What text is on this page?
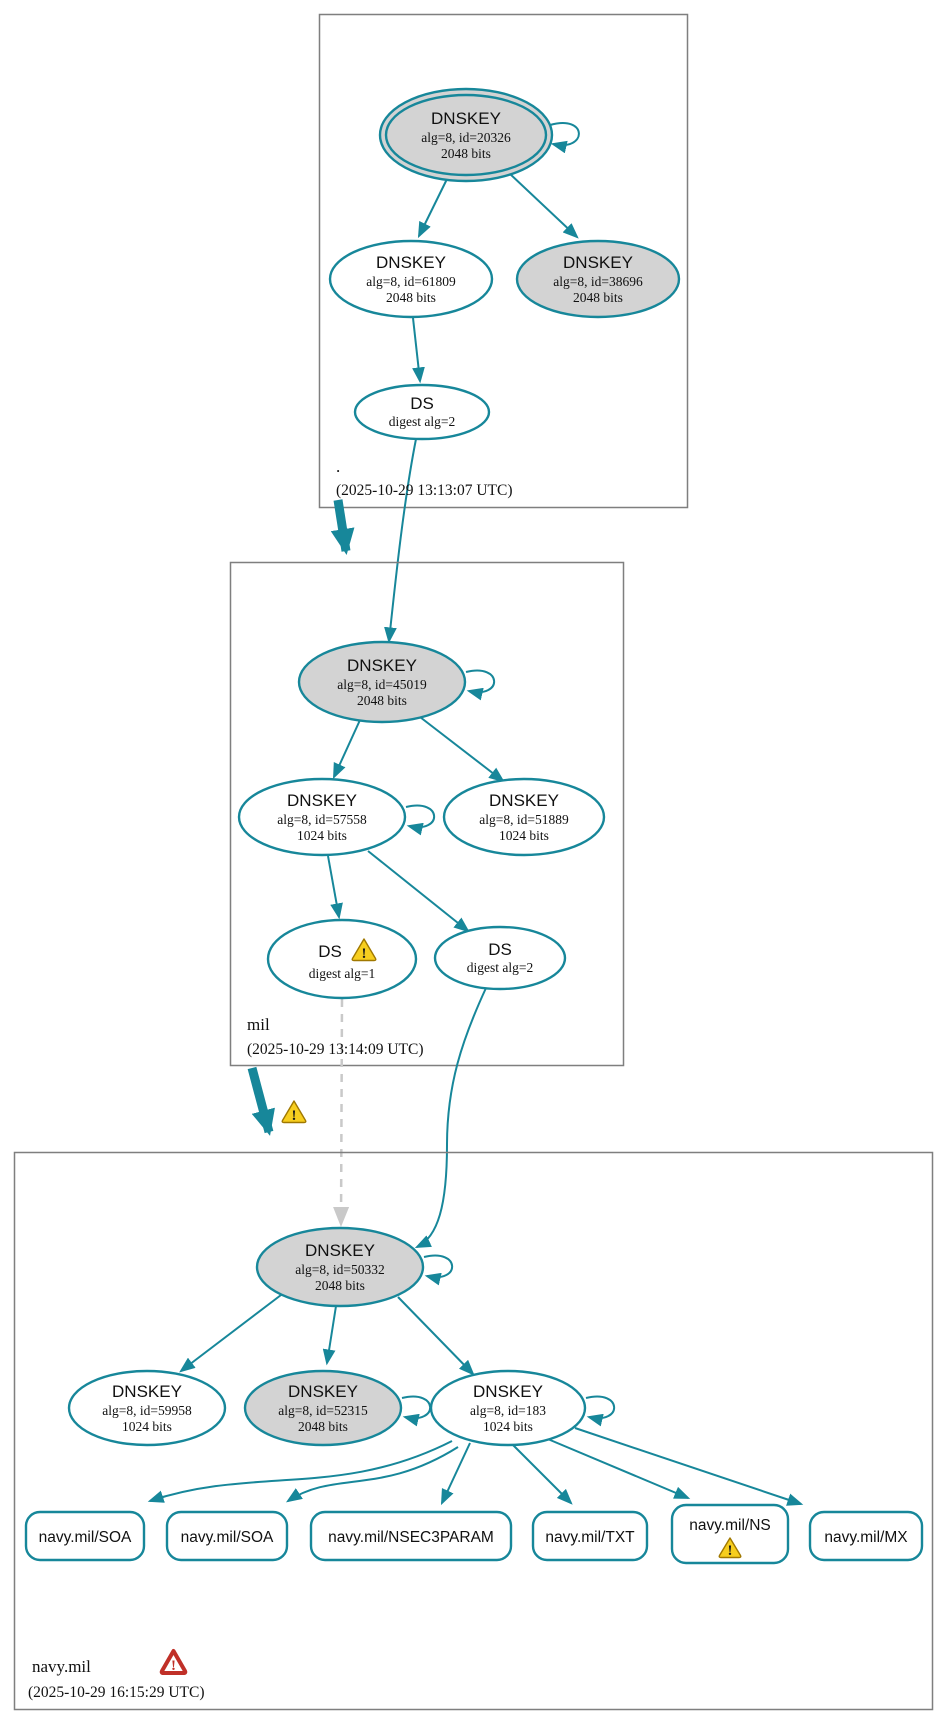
DNSKEY
alg=8, id=20326
2048 bits
DNSKEY
alg=8, id=61809
2048 bits
DNSKEY
alg=8, id=38696
2048 bits
DS
digest alg=2
.
(2025-10-29 13:13:07 UTC)
!
DNSKEY
alg=8, id=45019
2048 bits
DNSKEY
alg=8, id=57558
1024 bits
DNSKEY
alg=8, id=51889
1024 bits
DS !
digest alg=1
DS
digest alg=2
mil
(2025-10-29 13:14:09 UTC)
DNSKEY
alg=8, id=50332
2048 bits
DNSKEY
alg=8, id=59958
1024 bits
DNSKEY
alg=8, id=52315
2048 bits
DNSKEY
alg=8, id=183
1024 bits
navy.mil/SOA	navy.mil/SOA	navy.mil/NSEC3PARAM	navy.mil/TXT
navy.mil/NS
!
navy.mil/MX
navy.mil	!
(2025-10-29 16:15:29 UTC)
